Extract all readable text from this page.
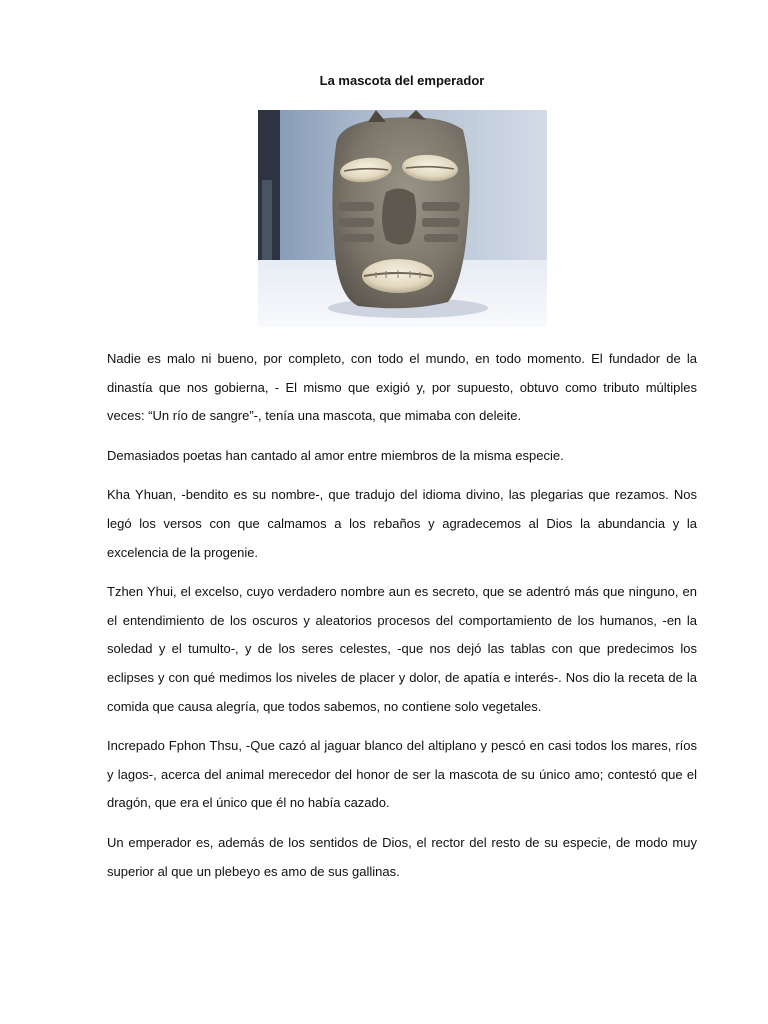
La mascota del emperador

Nadie es malo ni bueno, por completo, con todo el mundo, en todo momento. El fundador de la dinastía que nos gobierna, - El mismo que exigió y, por supuesto, obtuvo como tributo múltiples veces: “Un río de sangre”-, tenía una mascota, que mimaba con deleite.

Demasiados poetas han cantado al amor entre miembros de la misma especie.

Kha Yhuan, -bendito es su nombre-, que tradujo del idioma divino, las plegarias que rezamos. Nos legó los versos con que calmamos a los rebaños y agradecemos al Dios la abundancia y la excelencia de la progenie.

Tzhen Yhui, el excelso, cuyo verdadero nombre aun es secreto, que se adentró más que ninguno, en el entendimiento de los oscuros y aleatorios procesos del comportamiento de los humanos, -en la soledad y el tumulto-, y de los seres celestes, -que nos dejó las tablas con que predecimos los eclipses y con qué medimos los niveles de placer y dolor, de apatía e interés-. Nos dio la receta de la comida que causa alegría, que todos sabemos, no contiene solo vegetales.

Increpado Fphon Thsu, -Que cazó al jaguar blanco del altiplano y pescó en casi todos los mares, ríos y lagos-, acerca del animal merecedor del honor de ser la mascota de su único amo; contestó que el dragón, que era el único que él no había cazado.

Un emperador es, además de los sentidos de Dios, el rector del resto de su especie, de modo muy superior al que un plebeyo es amo de sus gallinas.
